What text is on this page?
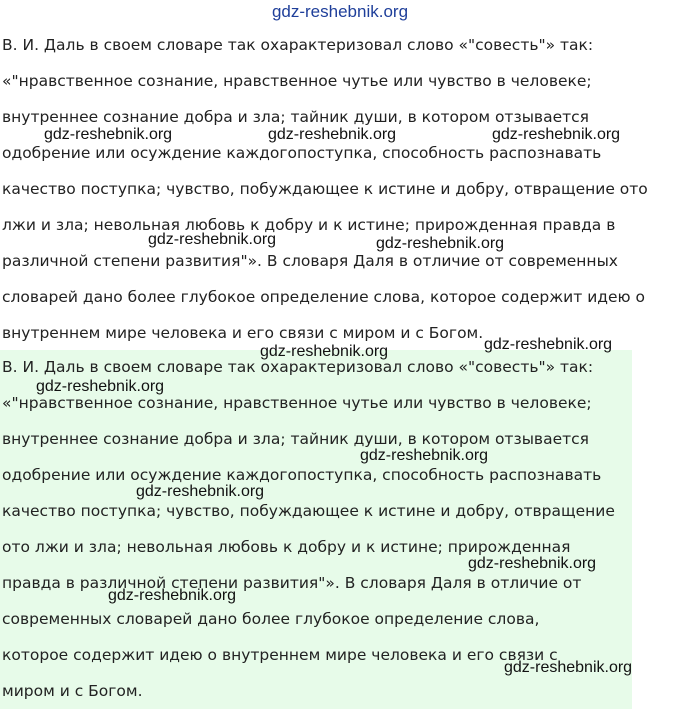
gdz-reshebnik.org
В. И. Даль в своем словаре так охарактеризовал слово «"совесть"» так:
«"нравственное сознание, нравственное чутье или чувство в человеке;
внутреннее сознание добра и зла; тайник души, в котором отзывается
одобрение или осуждение каждогопоступка, способность распознавать
качество поступка; чувство, побуждающее к истине и добру, отвращение ото
лжи и зла; невольная любовь к добру и к истине; прирожденная правда в
различной степени развития"». В словаря Даля в отличие от современных
словарей дано более глубокое определение слова, которое содержит идею о
внутреннем мире человека и его связи с миром и с Богом.
В. И. Даль в своем словаре так охарактеризовал слово «"совесть"» так:
«"нравственное сознание, нравственное чутье или чувство в человеке;
внутреннее сознание добра и зла; тайник души, в котором отзывается
одобрение или осуждение каждогопоступка, способность распознавать
качество поступка; чувство, побуждающее к истине и добру, отвращение
ото лжи и зла; невольная любовь к добру и к истине; прирожденная
правда в различной степени развития"». В словаря Даля в отличие от
современных словарей дано более глубокое определение слова,
которое содержит идею о внутреннем мире человека и его связи с
миром и с Богом.
gdz-reshebnik.org	gdz-reshebnik.org	gdz-reshebnik.org
gdz-reshebnik.org	gdz-reshebnik.org
gdz-reshebnik.org
gdz-reshebnik.org
gdz-reshebnik.org
gdz-reshebnik.org
gdz-reshebnik.org
gdz-reshebnik.org
gdz-reshebnik.org
gdz-reshebnik.org
